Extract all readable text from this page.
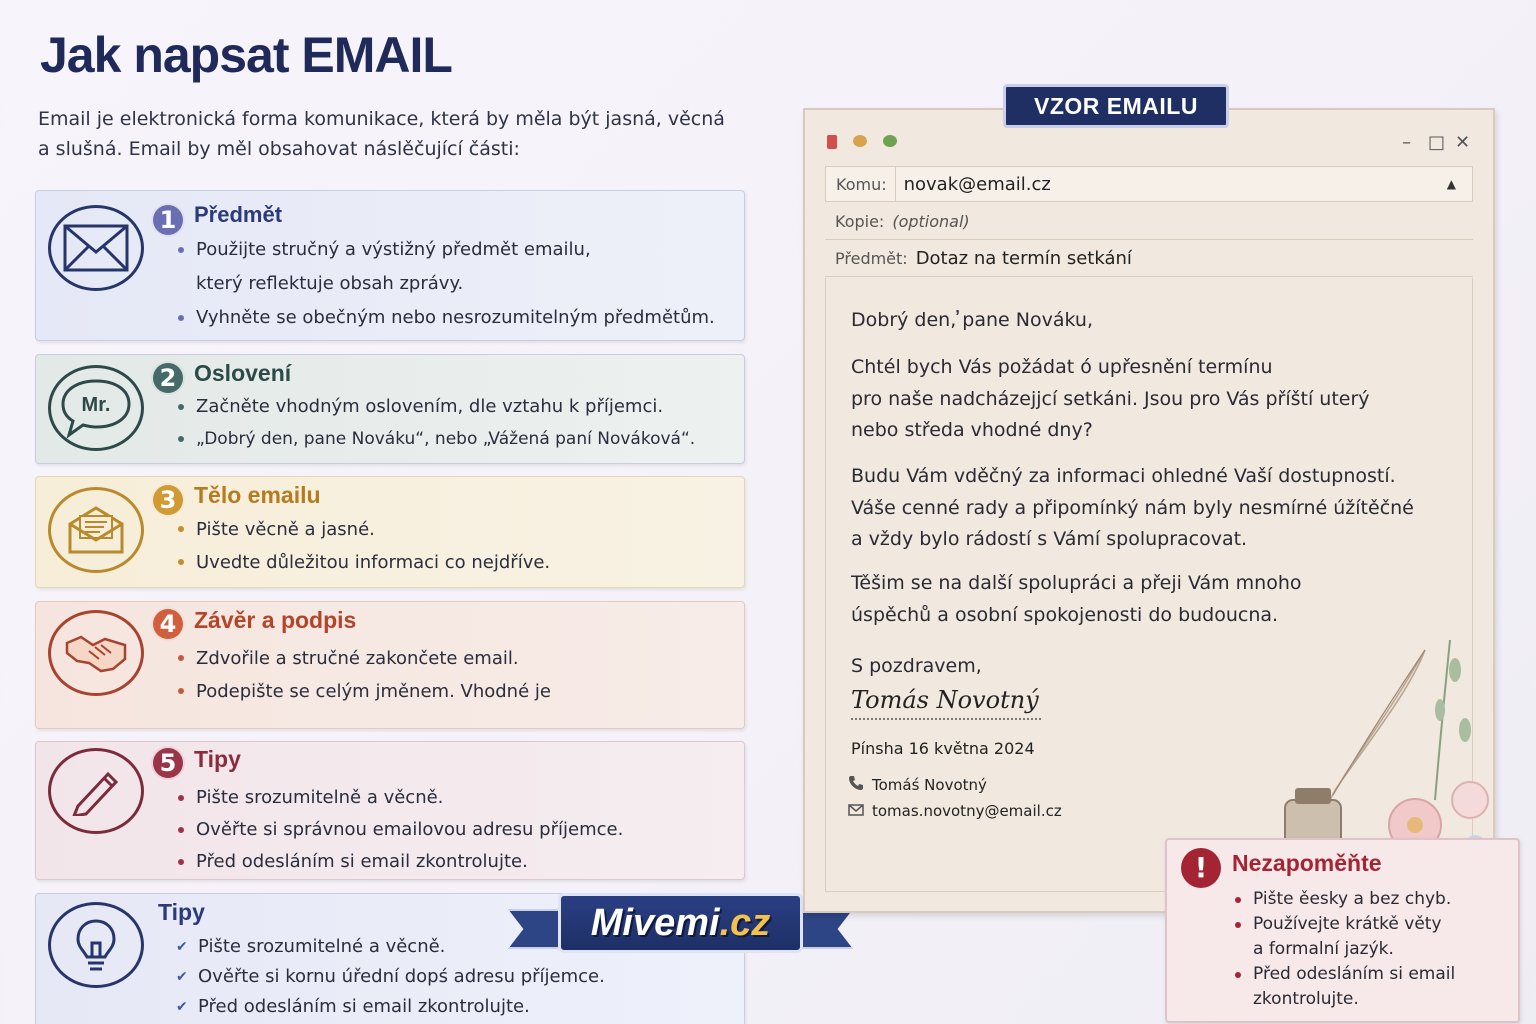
Jak napsat EMAIL
Email je elektronická forma komunikace, která by měla být jasná, věcná
a slušná. Email by měl obsahovat náslěčující části:
1 Předmět
Použijte stručný a výstižný předmět emailu,
který reflektuje obsah zprávy.
Vyhněte se obečným nebo nesrozumitelným předmětům.
Mr.
2 Oslovení
Začněte vhodným oslovením, dle vztahu k příjemci.
„Dobrý den, pane Nováku“, nebo „Vážená paní Nováková“.
3 Tělo emailu
Pište věcně a jasné.
Uvedte důležitou informaci co nejdříve.
4 Závěr a podpis
Zdvořile a stručné zakončete email.
Podepište se celým jměnem. Vhodné je
5 Tipy
Pište srozumitelně a věcně.
Ověřte si správnou emailovou adresu příjemce.
Před odesláním si email zkontrolujte.
Tipy
✔ Pište srozumitelné a věcně.
✔ Ověřte si kornu úřední dopś adresu příjemce.
✔ Před odesláním si email zkontrolujte.
Mivemi .cz
VZOR EMAILU
– □ ✕
Komu: novak@email.cz	▲
Kopie: (optional)
Předmět: Dotaz na termín setkání
Dobrý den, ̓pane Nováku,
Chtél bych Vás požádat ó upřesnění termínu
pro naše nadcházejjcí setkáni. Jsou pro Vás příští uterý
nebo středa vhodné dny?
Budu Vám vděčný za informaci ohledné Vaší dostupností.
Váše cenné rady a připomínký nám byly nesmírné úžítěčné
a vždy bylo rádostí s Vámí spolupracovat.
Těšim se na další spolupráci a přeji Vám mnoho
úspěchů a osobní spokojenosti do budoucna.
S pozdravem,
Tomás Novotný
Pínsha 16 května 2024
Tomáś Novotný
tomas.novotny@email.cz
!	Nezapoměňte
Pište ěesky a bez chyb.
Používejte krátkě věty
a formalní jazýk.
Před odesláním si email
zkontrolujte.
